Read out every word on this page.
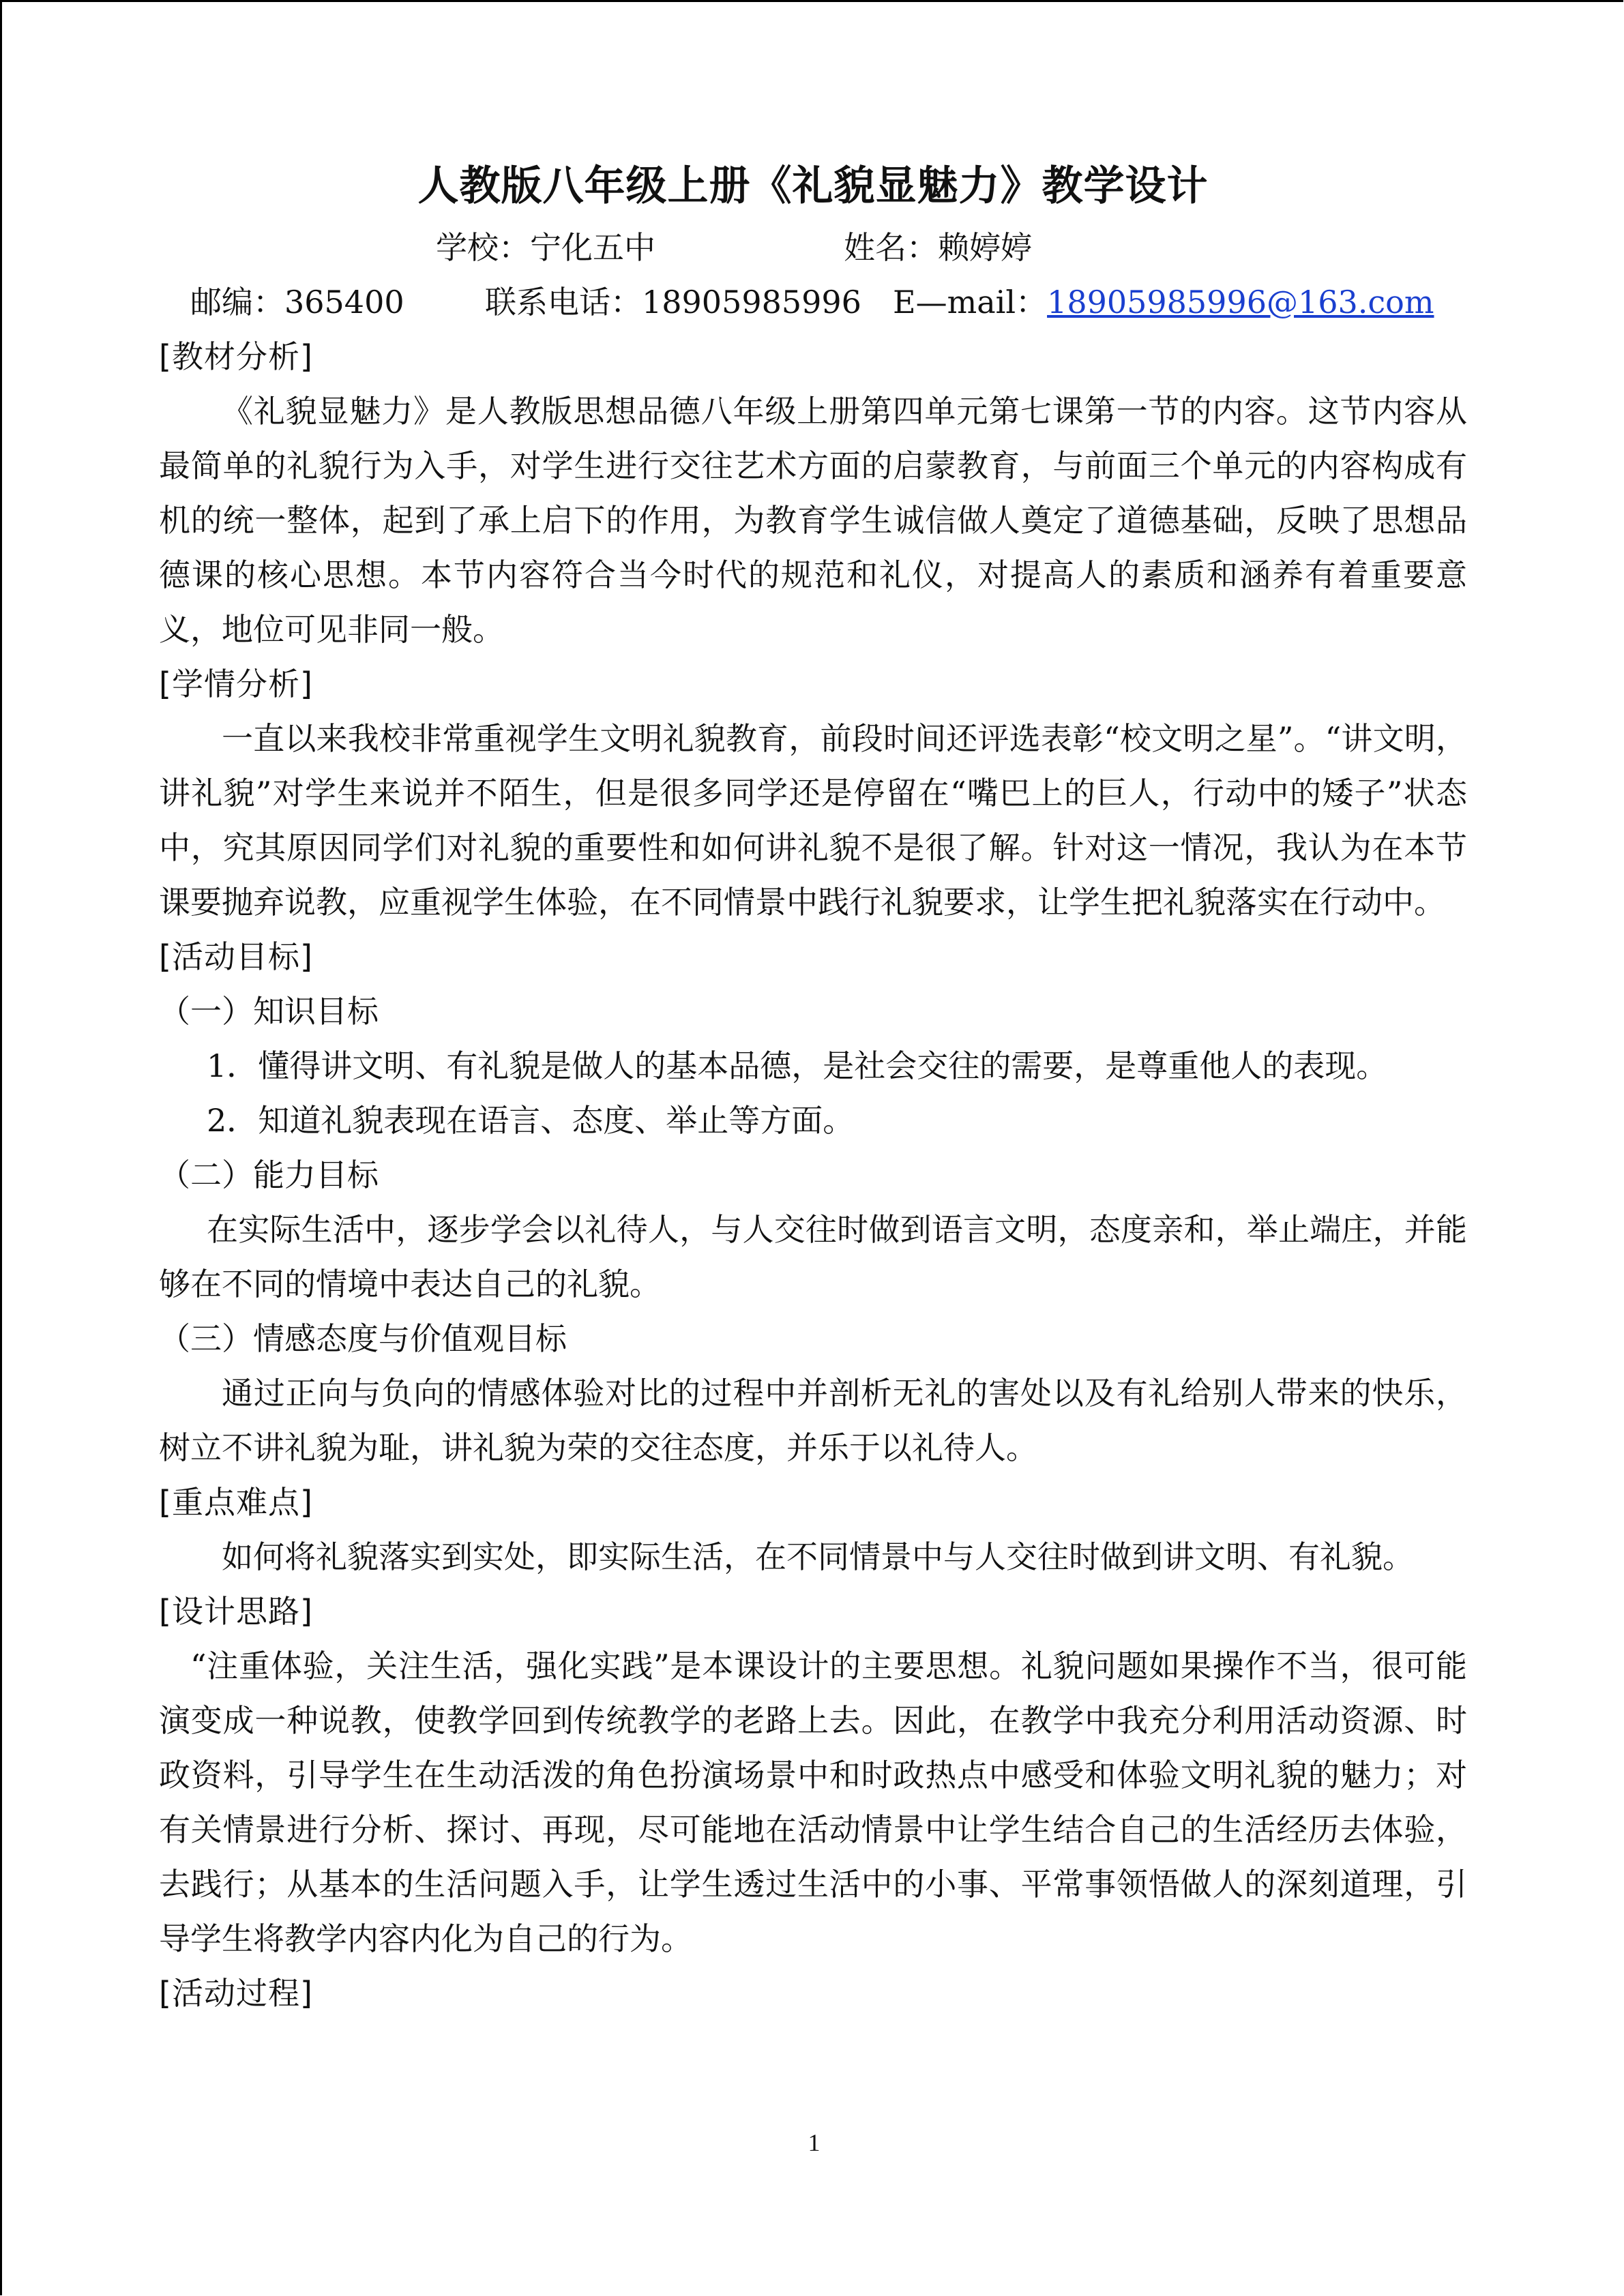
人教版八年级上册《礼貌显魅力》教学设计
学校：宁化五中	姓名：赖婷婷
邮编：365400	联系电话：18905985996 E—mail：18905985996@163.com
[教材分析]

《礼貌显魅力》是人教版思想品德八年级上册第四单元第七课第一节的内容。这节内容从最简单的礼貌行为入手，对学生进行交往艺术方面的启蒙教育，与前面三个单元的内容构成有机的统一整体，起到了承上启下的作用，为教育学生诚信做人奠定了道德基础，反映了思想品德课的核心思想。本节内容符合当今时代的规范和礼仪，对提高人的素质和涵养有着重要意义，地位可见非同一般。

[学情分析]

一直以来我校非常重视学生文明礼貌教育，前段时间还评选表彰“校文明之星”。“讲文明，讲礼貌”对学生来说并不陌生，但是很多同学还是停留在“嘴巴上的巨人，行动中的矮子”状态中，究其原因同学们对礼貌的重要性和如何讲礼貌不是很了解。针对这一情况，我认为在本节课要抛弃说教，应重视学生体验，在不同情景中践行礼貌要求，让学生把礼貌落实在行动中。

[活动目标]

（一）知识目标

1．懂得讲文明、有礼貌是做人的基本品德，是社会交往的需要，是尊重他人的表现。

2．知道礼貌表现在语言、态度、举止等方面。

（二）能力目标

在实际生活中，逐步学会以礼待人，与人交往时做到语言文明，态度亲和，举止端庄，并能够在不同的情境中表达自己的礼貌。

（三）情感态度与价值观目标

通过正向与负向的情感体验对比的过程中并剖析无礼的害处以及有礼给别人带来的快乐，树立不讲礼貌为耻，讲礼貌为荣的交往态度，并乐于以礼待人。

[重点难点]

如何将礼貌落实到实处，即实际生活，在不同情景中与人交往时做到讲文明、有礼貌。

[设计思路]

“注重体验，关注生活，强化实践”是本课设计的主要思想。礼貌问题如果操作不当，很可能演变成一种说教，使教学回到传统教学的老路上去。因此，在教学中我充分利用活动资源、时政资料，引导学生在生动活泼的角色扮演场景中和时政热点中感受和体验文明礼貌的魅力；对有关情景进行分析、探讨、再现，尽可能地在活动情景中让学生结合自己的生活经历去体验，去践行；从基本的生活问题入手，让学生透过生活中的小事、平常事领悟做人的深刻道理，引导学生将教学内容内化为自己的行为。

[活动过程]
1
